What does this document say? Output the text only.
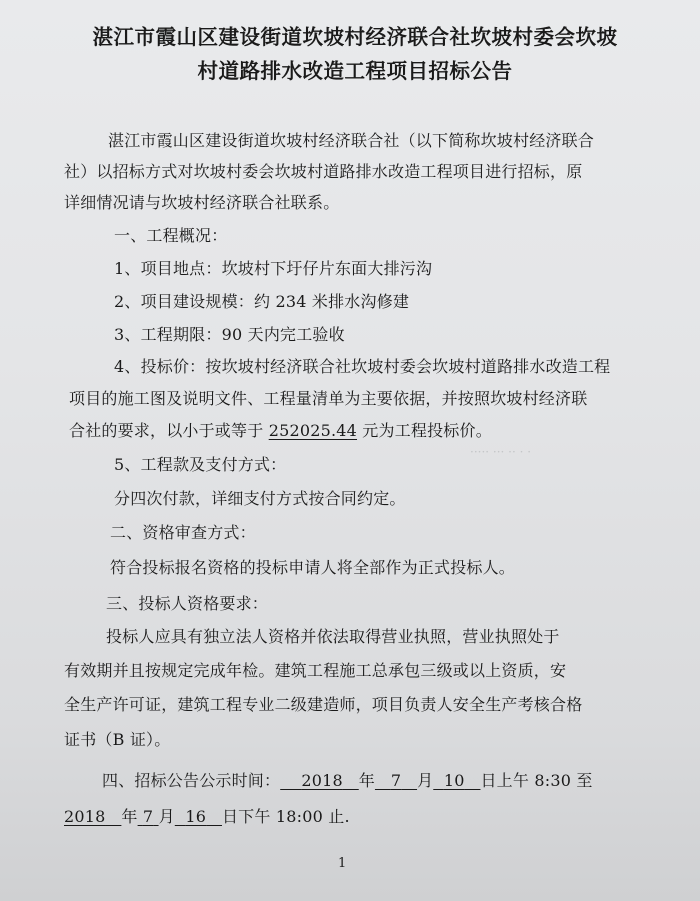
湛江市霞山区建设街道坎坡村经济联合社坎坡村委会坎坡
村道路排水改造工程项目招标公告
湛江市霞山区建设街道坎坡村经济联合社（以下简称坎坡村经济联合
社）以招标方式对坎坡村委会坎坡村道路排水改造工程项目进行招标，原
详细情况请与坎坡村经济联合社联系。
一、工程概况：
1、项目地点：坎坡村下圩仔片东面大排污沟
2、项目建设规模：约 234 米排水沟修建
3、工程期限：90 天内完工验收
4、投标价：按坎坡村经济联合社坎坡村委会坎坡村道路排水改造工程
项目的施工图及说明文件、工程量清单为主要依据，并按照坎坡村经济联
合社的要求，以小于或等于 252025.44 元为工程投标价。
····· ··· ·· · ·
5、工程款及支付方式：
分四次付款，详细支付方式按合同约定。
二、资格审查方式：
符合投标报名资格的投标申请人将全部作为正式投标人。
三、投标人资格要求：
投标人应具有独立法人资格并依法取得营业执照，营业执照处于
有效期并且按规定完成年检。建筑工程施工总承包三级或以上资质，安
全生产许可证，建筑工程专业二级建造师，项目负责人安全生产考核合格
证书（B 证）。
四、招标公告公示时间： 2018 年 7 月 10 日上午 8:30 至
2018 年 7 月 16 日下午 18:00 止.
1
